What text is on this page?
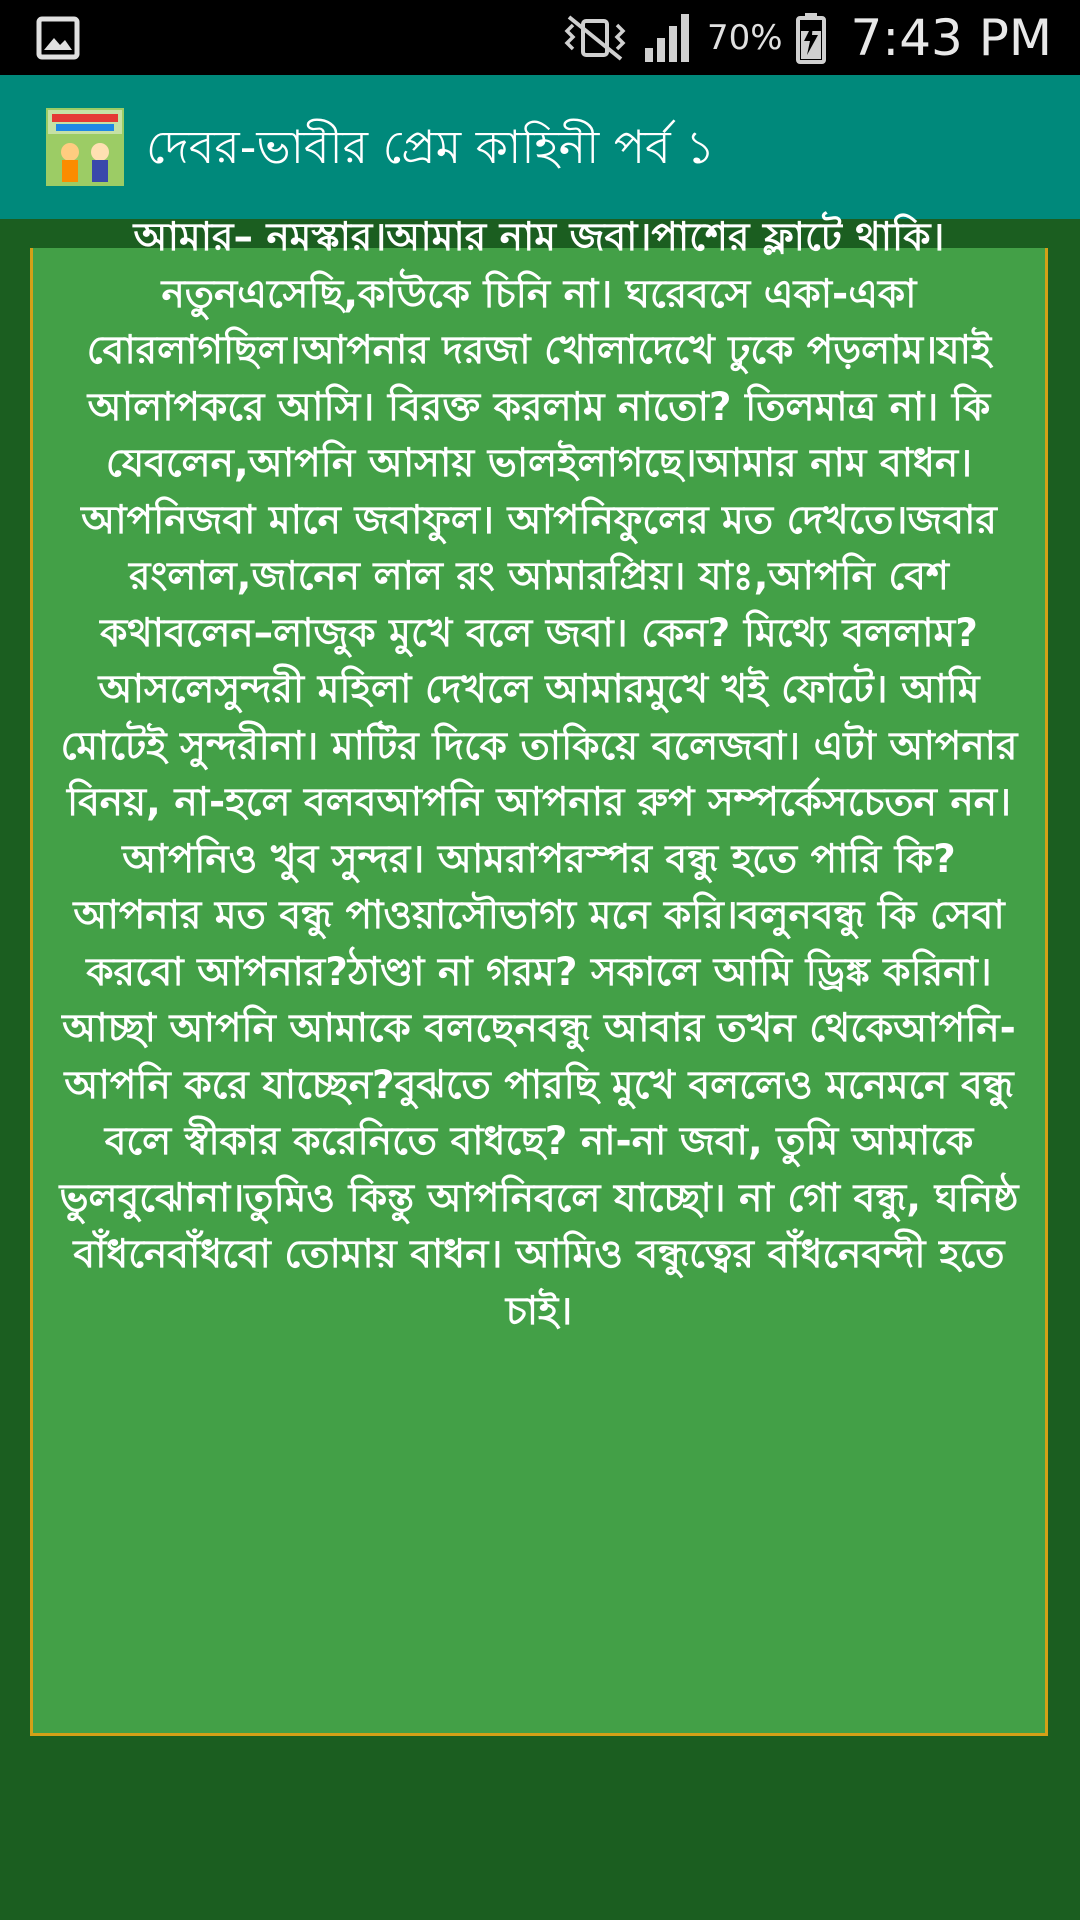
70% 7:43 PM
দেবর-ভাবীর প্রেম কাহিনী পর্ব ১

আমার– নমস্কার।আমার নাম জবা।পাশের ফ্লাটে থাকি। নতুনএসেছি,কাউকে চিনি না। ঘরেবসে একা-একা বোরলাগছিল।আপনার দরজা খোলাদেখে ঢুকে পড়লাম।যাই আলাপকরে আসি। বিরক্ত করলাম নাতো? তিলমাত্র না। কি যেবলেন,আপনি আসায় ভালইলাগছে।আমার নাম বাধন।আপনিজবা মানে জবাফুল। আপনিফুলের মত দেখতে।জবার রংলাল,জানেন লাল রং আমারপ্রিয়। যাঃ,আপনি বেশ কথাবলেন–লাজুক মুখে বলে জবা। কেন? মিথ্যে বললাম? আসলেসুন্দরী মহিলা দেখলে আমারমুখে খই ফোটে। আমি মোটেই সুন্দরীনা। মাটির দিকে তাকিয়ে বলেজবা। এটা আপনার বিনয়, না-হলে বলবআপনি আপনার রুপ সম্পর্কেসচেতন নন। আপনিও খুব সুন্দর। আমরাপরস্পর বন্ধু হতে পারি কি? আপনার মত বন্ধু পাওয়াসৌভাগ্য মনে করি।বলুনবন্ধু কি সেবা করবো আপনার?ঠাণ্ডা না গরম? সকালে আমি ড্রিঙ্ক করিনা।আচ্ছা আপনি আমাকে বলছেনবন্ধু আবার তখন থেকেআপনি-আপনি করে যাচ্ছেন?বুঝতে পারছি মুখে বললেও মনেমনে বন্ধু বলে স্বীকার করেনিতে বাধছে? না-না জবা, তুমি আমাকে ভুলবুঝোনা।তুমিও কিন্তু আপনিবলে যাচ্ছো। না গো বন্ধু, ঘনিষ্ঠ বাঁধনেবাঁধবো তোমায় বাধন। আমিও বন্ধুত্বের বাঁধনেবন্দী হতে চাই।
